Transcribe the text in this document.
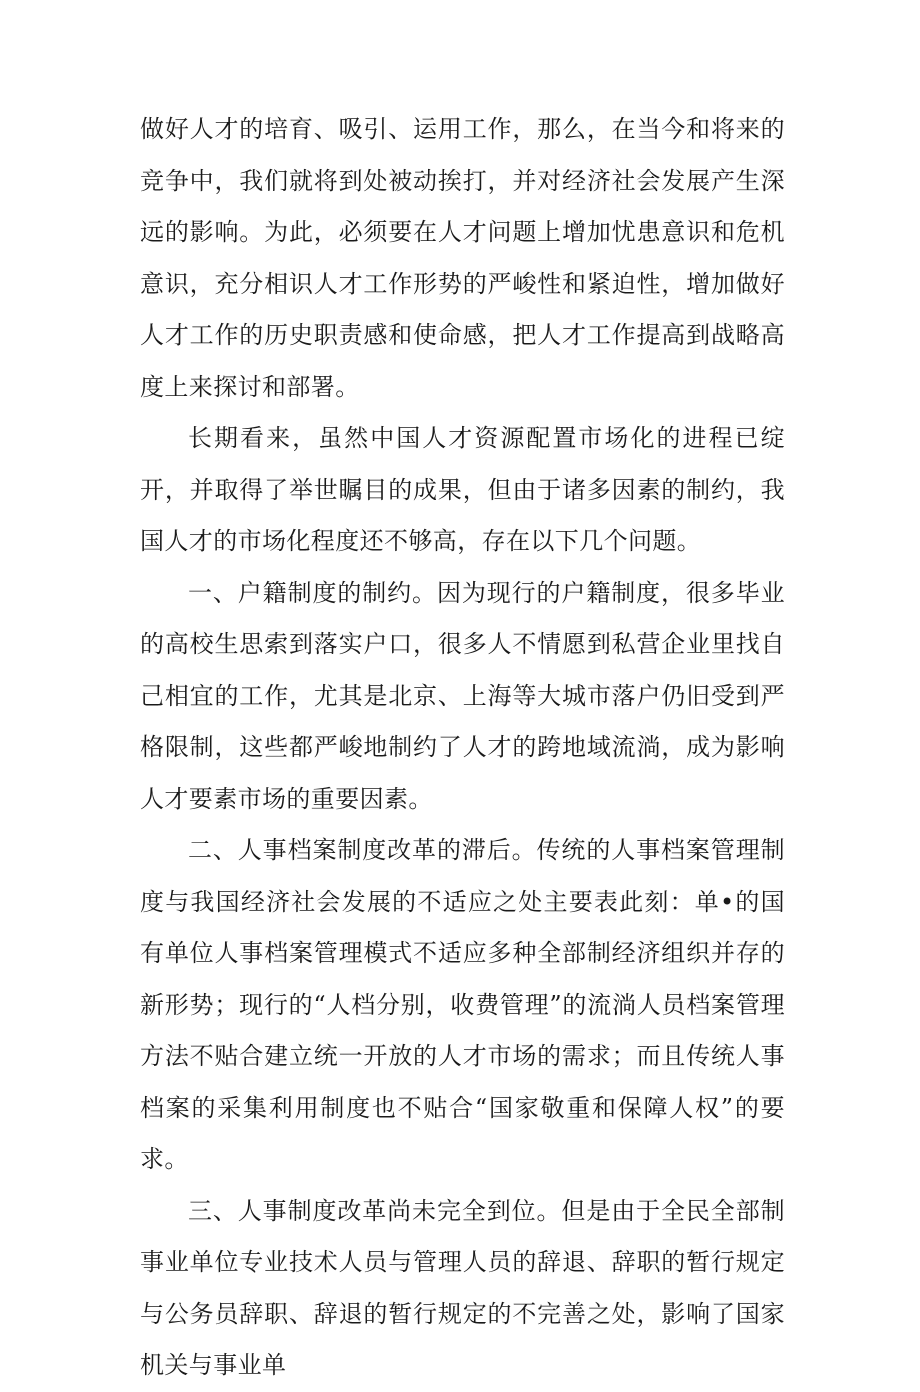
做好人才的培育、吸引、运用工作，那么，在当今和将来的竞争中，我们就将到处被动挨打，并对经济社会发展产生深远的影响。为此，必须要在人才问题上增加忧患意识和危机意识，充分相识人才工作形势的严峻性和紧迫性，增加做好人才工作的历史职责感和使命感，把人才工作提高到战略高度上来探讨和部署。

长期看来，虽然中国人才资源配置市场化的进程已绽开，并取得了举世瞩目的成果，但由于诸多因素的制约，我国人才的市场化程度还不够高，存在以下几个问题。

一、户籍制度的制约。因为现行的户籍制度，很多毕业的高校生思索到落实户口，很多人不情愿到私营企业里找自己相宜的工作，尤其是北京、上海等大城市落户仍旧受到严格限制，这些都严峻地制约了人才的跨地域流淌，成为影响人才要素市场的重要因素。

二、人事档案制度改革的滞后。传统的人事档案管理制度与我国经济社会发展的不适应之处主要表此刻：单•的国有单位人事档案管理模式不适应多种全部制经济组织并存的新形势；现行的“人档分别，收费管理”的流淌人员档案管理方法不贴合建立统一开放的人才市场的需求；而且传统人事档案的采集利用制度也不贴合“国家敬重和保障人权”的要求。

三、人事制度改革尚未完全到位。但是由于全民全部制事业单位专业技术人员与管理人员的辞退、辞职的暂行规定与公务员辞职、辞退的暂行规定的不完善之处，影响了国家机关与事业单
